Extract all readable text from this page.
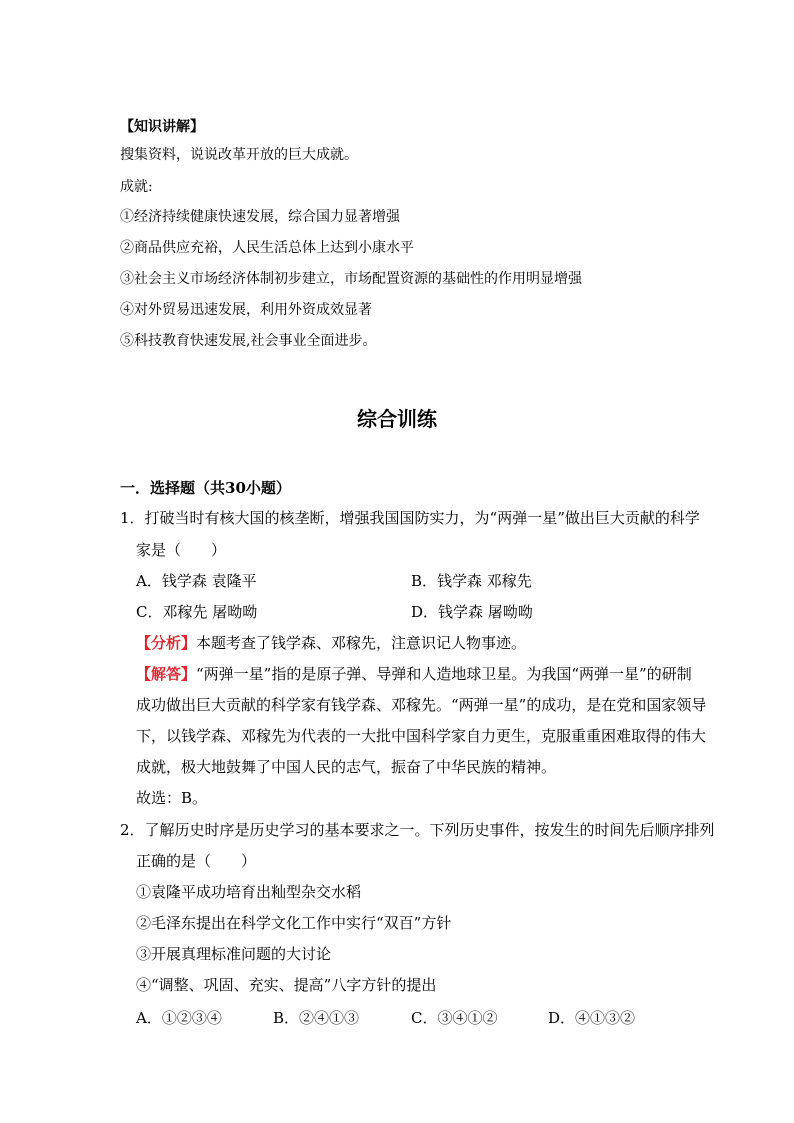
【知识讲解】
搜集资料，说说改革开放的巨大成就。
成就:
①经济持续健康快速发展，综合国力显著增强
②商品供应充裕，人民生活总体上达到小康水平
③社会主义市场经济体制初步建立，市场配置资源的基础性的作用明显增强
④对外贸易迅速发展，利用外资成效显著
⑤科技教育快速发展,社会事业全面进步。
综合训练
一．选择题（共30小题）
1．打破当时有核大国的核垄断，增强我国国防实力，为“两弹一星”做出巨大贡献的科学
家是（　　）
A．钱学森 袁隆平	B．钱学森 邓稼先
C．邓稼先 屠呦呦	D．钱学森 屠呦呦
【分析】本题考查了钱学森、邓稼先，注意识记人物事迹。
【解答】“两弹一星”指的是原子弹、导弹和人造地球卫星。为我国“两弹一星”的研制
成功做出巨大贡献的科学家有钱学森、邓稼先。“两弹一星”的成功，是在党和国家领导
下，以钱学森、邓稼先为代表的一大批中国科学家自力更生，克服重重困难取得的伟大
成就，极大地鼓舞了中国人民的志气，振奋了中华民族的精神。
故选：B。
2．了解历史时序是历史学习的基本要求之一。下列历史事件，按发生的时间先后顺序排列
正确的是（　　）
①袁隆平成功培育出籼型杂交水稻
②毛泽东提出在科学文化工作中实行“双百”方针
③开展真理标准问题的大讨论
④“调整、巩固、充实、提高”八字方针的提出
A．①②③④	B．②④①③	C．③④①②	D．④①③②
